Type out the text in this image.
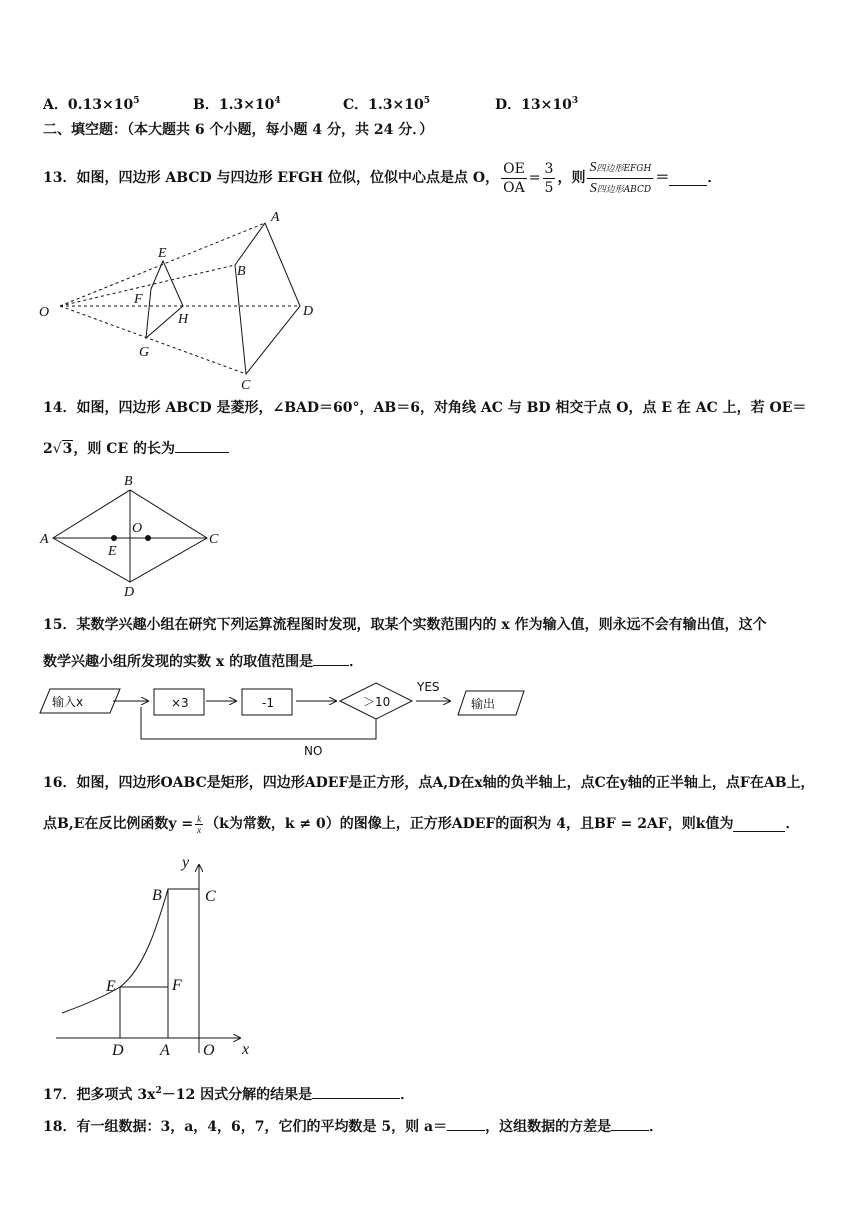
A．$0.13\times 10^5$	B．$1.3\times 10^4$	C．$1.3\times 10^5$	D．$13\times 10^3$
二、填空题：（本大题共 6 个小题，每小题 4 分，共 24 分．）
13． 如图，四边形 ABCD 与四边形 EFGH 位似，位似中心点是点 O， $\frac{OE}{OA} = \frac{3}{5}$ ，则 $\frac{\text{S四边形EFGH}}{\text{S四边形ABCD}}$ ＝	．
O
A
B
C
D
E
F
G
H
14．如图，四边形 ABCD 是菱形，∠BAD＝60°，AB＝6，对角线 AC 与 BD 相交于点 O，点 E 在 AC 上，若 OE＝
2√3，则 CE 的长为
A
B
C
D
O
E
15．某数学兴趣小组在研究下列运算流程图时发现，取某个实数范围内的 x 作为输入值，则永远不会有输出值，这个
数学兴趣小组所发现的实数 x 的取值范围是	．
输入x	×3	-1	＞10
YES
输出
NO
16．如图，四边形OABC是矩形，四边形ADEF是正方形，点A,D在x轴的负半轴上，点C在y轴的正半轴上，点F在AB上，
点B,E在反比例函数$y = \frac{k}{x} (k$为常数，k ≠ 0）的图像上，正方形ADEF的面积为 4，且BF = 2AF，则k值为	．
y
x
B	C
E	F
D A O
17．把多项式 $3x^2-12$ 因式分解的结果是	．
18．有一组数据：3，a，4，6，7，它们的平均数是 5，则 a＝	，这组数据的方差是	．
